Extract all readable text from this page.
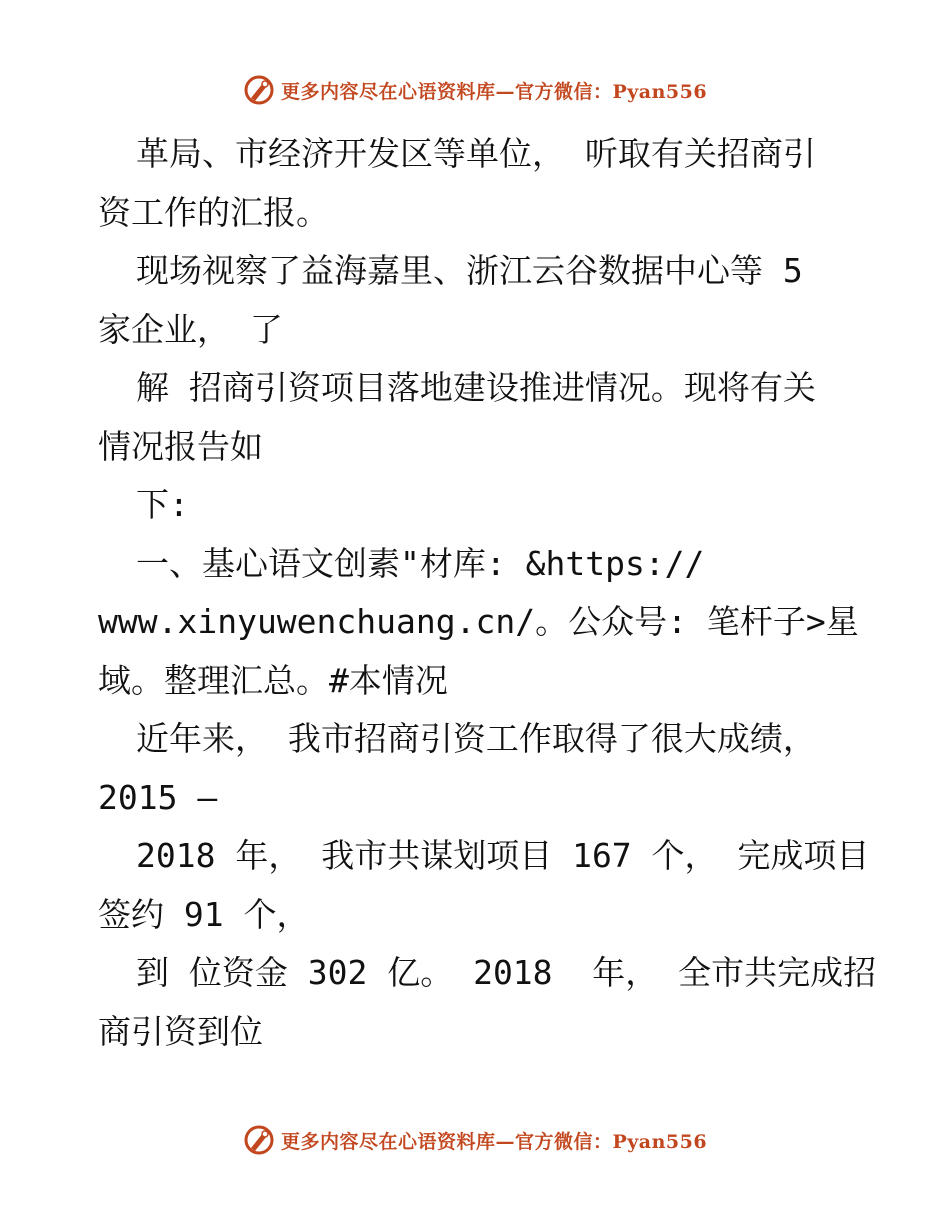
更多内容尽在心语资料库—官方微信：Pyan556
革局、市经济开发区等单位， 听取有关招商引
资工作的汇报。
现场视察了益海嘉里、浙江云谷数据中心等 5
家企业， 了
解 招商引资项目落地建设推进情况。现将有关
情况报告如
下:
一、基心语文创素"材库: &https://
www.xinyuwenchuang.cn/。公众号: 笔杆子>星
域。整理汇总。#本情况
近年来， 我市招商引资工作取得了很大成绩，
2015 —
2018 年， 我市共谋划项目 167 个， 完成项目
签约 91 个，
到 位资金 302 亿。 2018  年， 全市共完成招
商引资到位
更多内容尽在心语资料库—官方微信：Pyan556
